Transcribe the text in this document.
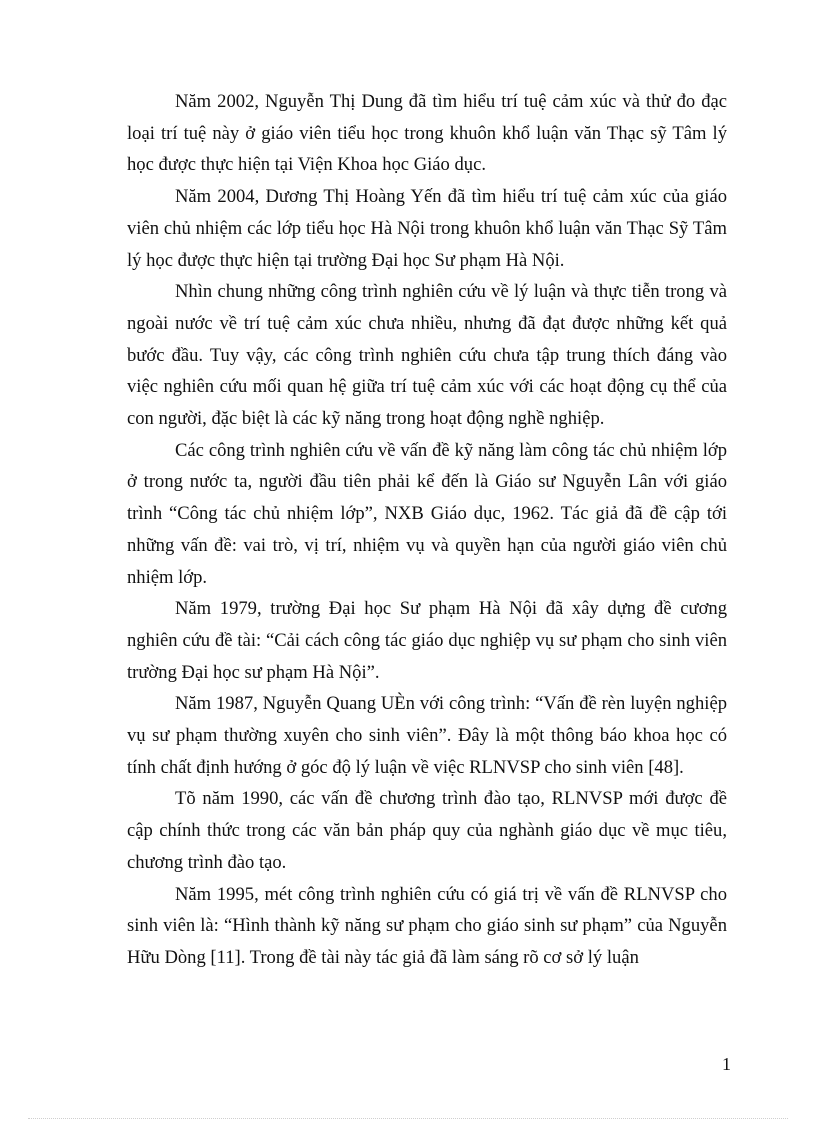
Năm 2002, Nguyễn Thị Dung đã tìm hiểu trí tuệ cảm xúc và thử đo đạc loại trí tuệ này ở giáo viên tiểu học trong khuôn khổ luận văn Thạc sỹ Tâm lý học được thực hiện tại Viện Khoa học Giáo dục.

Năm 2004, Dương Thị Hoàng Yến đã tìm hiểu trí tuệ cảm xúc của giáo viên chủ nhiệm các lớp tiểu học Hà Nội trong khuôn khổ luận văn Thạc Sỹ Tâm lý học được thực hiện tại trường Đại học Sư phạm Hà Nội.

Nhìn chung những công trình nghiên cứu về lý luận và thực tiễn trong và ngoài nước về trí tuệ cảm xúc chưa nhiều, nhưng đã đạt được những kết quả bước đầu. Tuy vậy, các công trình nghiên cứu chưa tập trung thích đáng vào việc nghiên cứu mối quan hệ giữa trí tuệ cảm xúc với các hoạt động cụ thể của con người, đặc biệt là các kỹ năng trong hoạt động nghề nghiệp.

Các công trình nghiên cứu về vấn đề kỹ năng làm công tác chủ nhiệm lớp ở trong nước ta, người đầu tiên phải kể đến là Giáo sư Nguyễn Lân với giáo trình “Công tác chủ nhiệm lớp”, NXB Giáo dục, 1962. Tác giả đã đề cập tới những vấn đề: vai trò, vị trí, nhiệm vụ và quyền hạn của người giáo viên chủ nhiệm lớp.

Năm 1979, trường Đại học Sư phạm Hà Nội đã xây dựng đề cương nghiên cứu đề tài: “Cải cách công tác giáo dục nghiệp vụ sư phạm cho sinh viên trường Đại học sư phạm Hà Nội”.

Năm 1987, Nguyễn Quang UÈn với công trình: “Vấn đề rèn luyện nghiệp vụ sư phạm thường xuyên cho sinh viên”. Đây là một thông báo khoa học có tính chất định hướng ở góc độ lý luận về việc RLNVSP cho sinh viên [48].

Tõ năm 1990, các vấn đề chương trình đào tạo, RLNVSP mới được đề cập chính thức trong các văn bản pháp quy của nghành giáo dục về mục tiêu, chương trình đào tạo.

Năm 1995, mét công trình nghiên cứu có giá trị về vấn đề RLNVSP cho sinh viên là: “Hình thành kỹ năng sư phạm cho giáo sinh sư phạm” của Nguyễn Hữu Dòng [11]. Trong đề tài này tác giả đã làm sáng rõ cơ sở lý luận

1
